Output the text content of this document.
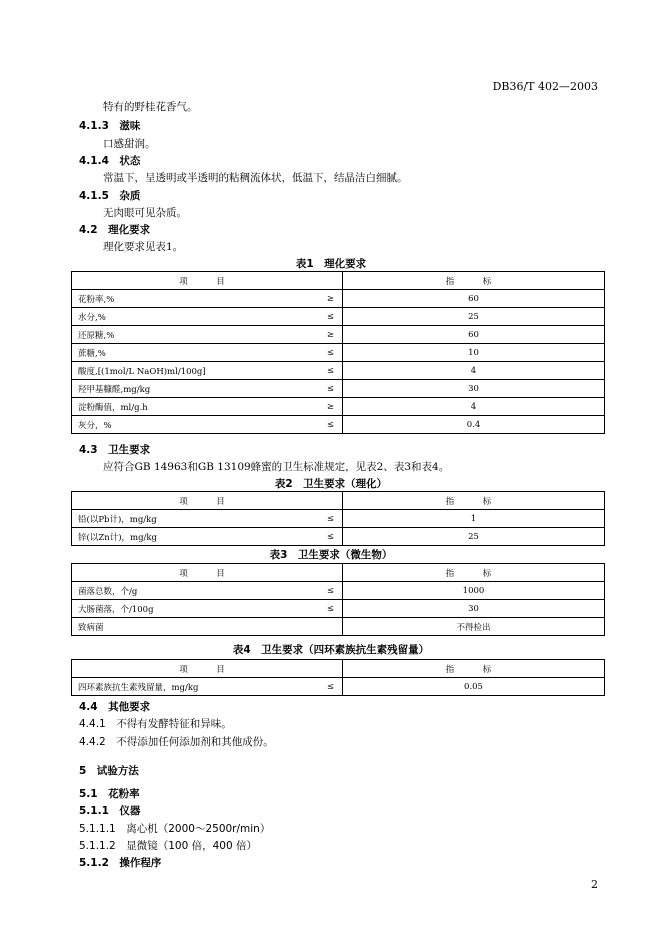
DB36/T 402—2003
特有的野桂花香气。
4.1.3　滋味
口感甜润。
4.1.4　状态
常温下，呈透明或半透明的粘稠流体状，低温下，结晶洁白细腻。
4.1.5　杂质
无肉眼可见杂质。
4.2　理化要求
理化要求见表1。
表1　理化要求
项　目		指　标
花粉率,%	≥	60
水分,%	≤	25
还原糖,%	≥	60
蔗糖,%	≤	10
酸度,[(1mol/L NaOH)ml/100g]	≤	4
羟甲基糠醛,mg/kg	≤	30
淀粉酶值，ml/g.h	≥	4
灰分，%	≤	0.4
4.3　卫生要求
应符合GB 14963和GB 13109蜂蜜的卫生标准规定，见表2、表3和表4。
表2　卫生要求（理化）
项　目		指　标
铅(以Pb计)，mg/kg	≤	1
锌(以Zn计)，mg/kg	≤	25
表3　卫生要求（微生物）
项　目		指　标
菌落总数，个/g	≤	1000
大肠菌落，个/100g	≤	30
致病菌		不得检出
表4　卫生要求（四环素族抗生素残留量）
项　目		指　标
四环素族抗生素残留量，mg/kg	≤	0.05
4.4　其他要求
4.4.1　不得有发酵特征和异味。
4.4.2　不得添加任何添加剂和其他成份。
5　试验方法
5.1　花粉率
5.1.1　仪器
5.1.1.1　离心机（2000～2500r/min）
5.1.1.2　显微镜（100 倍，400 倍）
5.1.2　操作程序
2
